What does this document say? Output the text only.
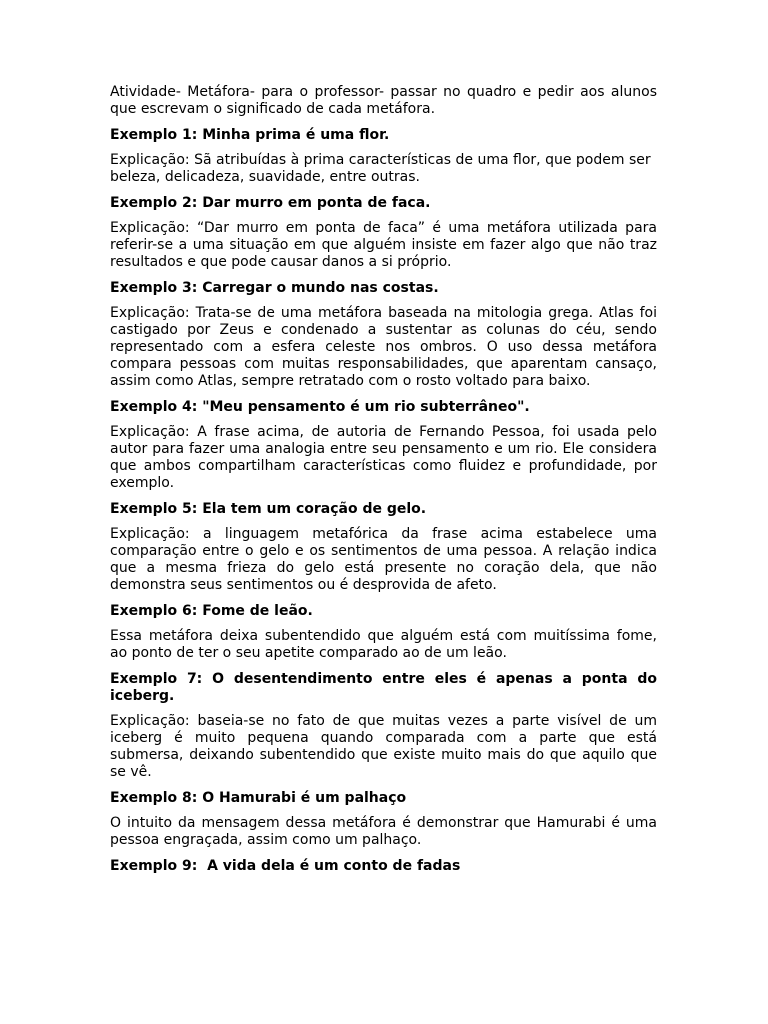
Atividade- Metáfora- para o professor- passar no quadro e pedir aos alunos que escrevam o significado de cada metáfora.

Exemplo 1: Minha prima é uma flor.

Explicação: Sã atribuídas à prima características de uma flor, que podem ser beleza, delicadeza, suavidade, entre outras.

Exemplo 2: Dar murro em ponta de faca.

Explicação: “Dar murro em ponta de faca” é uma metáfora utilizada para referir-se a uma situação em que alguém insiste em fazer algo que não traz resultados e que pode causar danos a si próprio.

Exemplo 3: Carregar o mundo nas costas.

Explicação: Trata-se de uma metáfora baseada na mitologia grega. Atlas foi castigado por Zeus e condenado a sustentar as colunas do céu, sendo representado com a esfera celeste nos ombros. O uso dessa metáfora compara pessoas com muitas responsabilidades, que aparentam cansaço, assim como Atlas, sempre retratado com o rosto voltado para baixo.

Exemplo 4: "Meu pensamento é um rio subterrâneo".

Explicação: A frase acima, de autoria de Fernando Pessoa, foi usada pelo autor para fazer uma analogia entre seu pensamento e um rio. Ele considera que ambos compartilham características como fluidez e profundidade, por exemplo.

Exemplo 5: Ela tem um coração de gelo.

Explicação: a linguagem metafórica da frase acima estabelece uma comparação entre o gelo e os sentimentos de uma pessoa. A relação indica que a mesma frieza do gelo está presente no coração dela, que não demonstra seus sentimentos ou é desprovida de afeto.

Exemplo 6: Fome de leão.

Essa metáfora deixa subentendido que alguém está com muitíssima fome, ao ponto de ter o seu apetite comparado ao de um leão.

Exemplo 7: O desentendimento entre eles é apenas a ponta do iceberg.

Explicação: baseia-se no fato de que muitas vezes a parte visível de um iceberg é muito pequena quando comparada com a parte que está submersa, deixando subentendido que existe muito mais do que aquilo que se vê.

Exemplo 8: O Hamurabi é um palhaço

O intuito da mensagem dessa metáfora é demonstrar que Hamurabi é uma pessoa engraçada, assim como um palhaço.

Exemplo 9:  A vida dela é um conto de fadas
